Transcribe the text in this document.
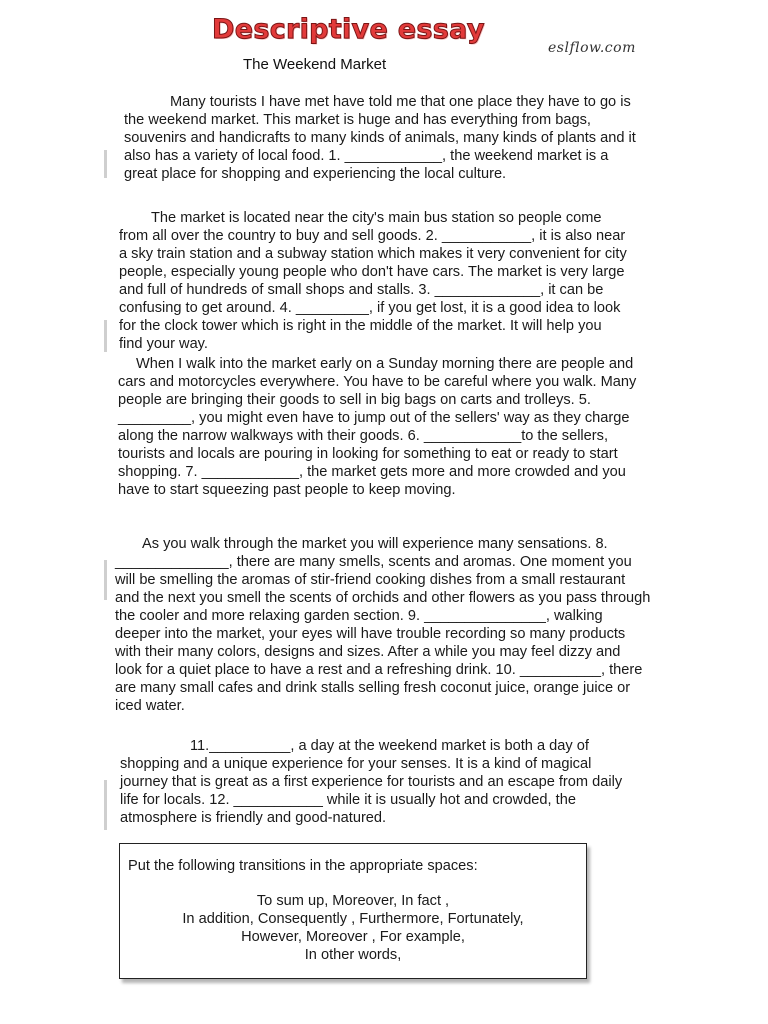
Descriptive essay
eslflow.com
The Weekend Market

Many tourists I have met have told me that one place they have to go is the weekend market. This market is huge and has everything from bags, souvenirs and handicrafts to many kinds of animals, many kinds of plants and it also has a variety of local food. 1. ____________, the weekend market is a great place for shopping and experiencing the local culture.

The market is located near the city's main bus station so people come from all over the country to buy and sell goods. 2. ___________, it is also near a sky train station and a subway station which makes it very convenient for city people, especially young people who don't have cars. The market is very large and full of hundreds of small shops and stalls. 3. _____________, it can be confusing to get around. 4. _________, if you get lost, it is a good idea to look for the clock tower which is right in the middle of the market. It will help you find your way.

When I walk into the market early on a Sunday morning there are people and cars and motorcycles everywhere. You have to be careful where you walk. Many people are bringing their goods to sell in big bags on carts and trolleys. 5. _________, you might even have to jump out of the sellers' way as they charge along the narrow walkways with their goods. 6. ____________to the sellers, tourists and locals are pouring in looking for something to eat or ready to start shopping. 7. ____________, the market gets more and more crowded and you have to start squeezing past people to keep moving.

As you walk through the market you will experience many sensations. 8. ______________, there are many smells, scents and aromas. One moment you will be smelling the aromas of stir-friend cooking dishes from a small restaurant and the next you smell the scents of orchids and other flowers as you pass through the cooler and more relaxing garden section. 9. _______________, walking deeper into the market, your eyes will have trouble recording so many products with their many colors, designs and sizes. After a while you may feel dizzy and look for a quiet place to have a rest and a refreshing drink. 10. __________, there are many small cafes and drink stalls selling fresh coconut juice, orange juice or iced water.

11.__________, a day at the weekend market is both a day of shopping and a unique experience for your senses. It is a kind of magical journey that is great as a first experience for tourists and an escape from daily life for locals. 12. ___________ while it is usually hot and crowded, the atmosphere is friendly and good-natured.

Put the following transitions in the appropriate spaces:

To sum up, Moreover, In fact ,
In addition, Consequently , Furthermore, Fortunately,
However, Moreover , For example,
In other words,
